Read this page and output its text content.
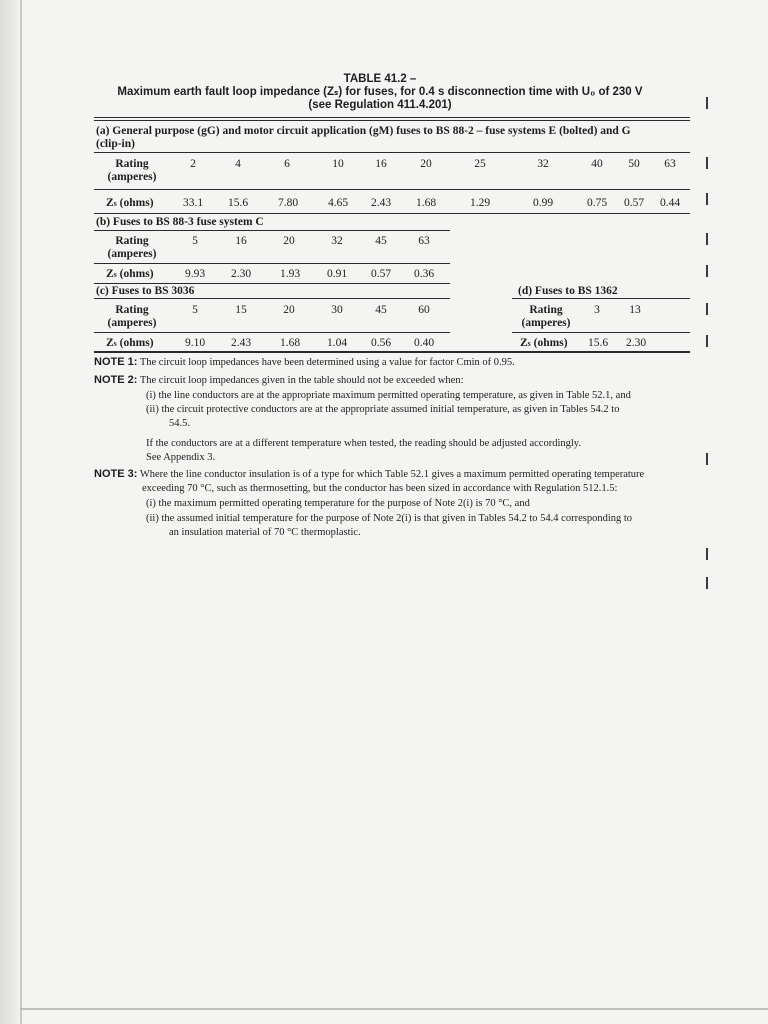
TABLE 41.2 –
Maximum earth fault loop impedance (Zₛ) for fuses, for 0.4 s disconnection time with U₀ of 230 V
(see Regulation 411.4.201)
(a) General purpose (gG) and motor circuit application (gM) fuses to BS 88-2 – fuse systems E (bolted) and G
(clip-in)
Rating
(amperes)
2	4	6	10	16	20	25	32	40	50	63
Zs (ohms)	33.1	15.6	7.80	4.65	2.43	1.68	1.29	0.99	0.75	0.57	0.44
(b) Fuses to BS 88-3 fuse system C
Rating
(amperes)
5	16	20	32	45	63
Zs (ohms)	9.93	2.30	1.93	0.91	0.57	0.36
(c) Fuses to BS 3036
Rating
(amperes)
5	15	20	30	45	60
Zs (ohms)	9.10	2.43	1.68	1.04	0.56	0.40
(d) Fuses to BS 1362
Rating
(amperes)
3	13
Zs (ohms)	15.6	2.30
NOTE 1: The circuit loop impedances have been determined using a value for factor Cmin of 0.95.
NOTE 2: The circuit loop impedances given in the table should not be exceeded when:
(i) the line conductors are at the appropriate maximum permitted operating temperature, as given in Table 52.1, and
(ii) the circuit protective conductors are at the appropriate assumed initial temperature, as given in Tables 54.2 to
54.5.
If the conductors are at a different temperature when tested, the reading should be adjusted accordingly.
See Appendix 3.
NOTE 3: Where the line conductor insulation is of a type for which Table 52.1 gives a maximum permitted operating temperature
exceeding 70 °C, such as thermosetting, but the conductor has been sized in accordance with Regulation 512.1.5:
(i) the maximum permitted operating temperature for the purpose of Note 2(i) is 70 °C, and
(ii) the assumed initial temperature for the purpose of Note 2(i) is that given in Tables 54.2 to 54.4 corresponding to
an insulation material of 70 °C thermoplastic.
